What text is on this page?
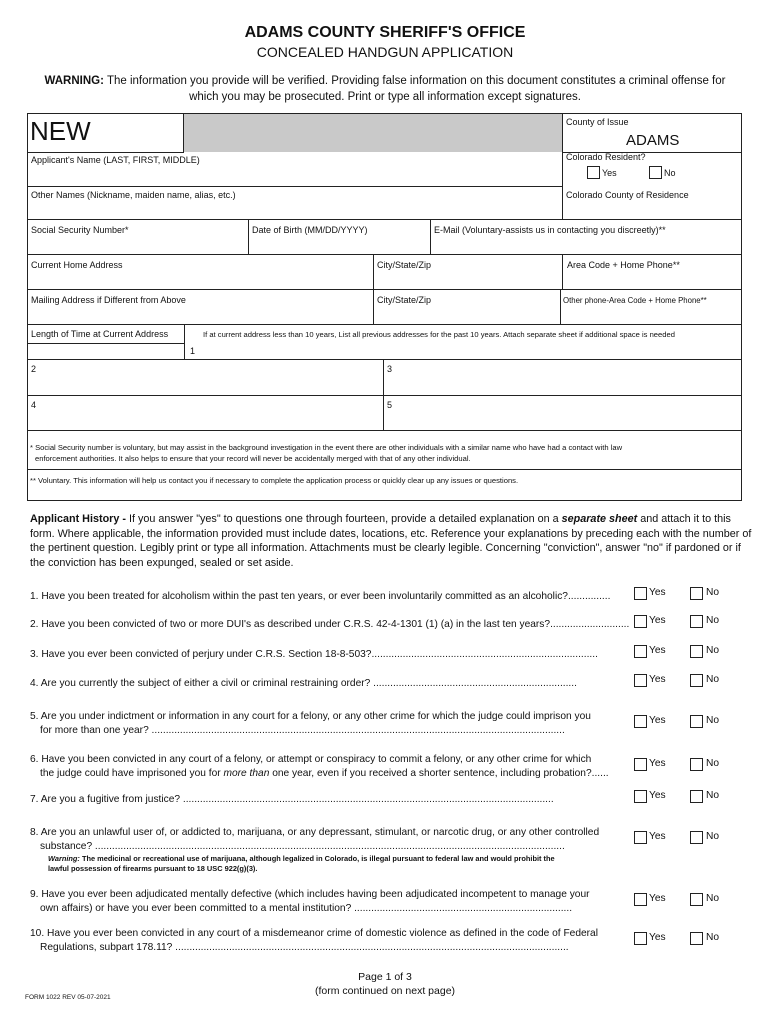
ADAMS COUNTY SHERIFF'S OFFICE
CONCEALED HANDGUN APPLICATION
WARNING: The information you provide will be verified. Providing false information on this document constitutes a criminal offense for
which you may be prosecuted. Print or type all information except signatures.
NEW	County of Issue
ADAMS
Applicant's Name (LAST, FIRST, MIDDLE)	Colorado Resident?
Yes	No
Other Names (Nickname, maiden name, alias, etc.)	Colorado County of Residence
Social Security Number*	Date of Birth (MM/DD/YYYY)	E-Mail (Voluntary-assists us in contacting you discreetly)**
Current Home Address	City/State/Zip	Area Code + Home Phone**
Mailing Address if Different from Above	City/State/Zip	Other phone-Area Code + Home Phone**
Length of Time at Current Address	If at current address less than 10 years, List all previous addresses for the past 10 years. Attach separate sheet if additional space is needed
1
2	3
4	5
* Social Security number is voluntary, but may assist in the background investigation in the event there are other individuals with a similar name who have had a contact with law
enforcement authorities. It also helps to ensure that your record will never be accidentally merged with that of any other individual.
** Voluntary. This information will help us contact you if necessary to complete the application process or quickly clear up any issues or questions.
Applicant History - If you answer "yes" to questions one through fourteen, provide a detailed explanation on a separate sheet and attach it to this
form. Where applicable, the information provided must include dates, locations, etc. Reference your explanations by preceding each with the number of
the pertinent question. Legibly print or type all information. Attachments must be clearly legible. Concerning "conviction", answer "no" if pardoned or if
the conviction has been expunged, sealed or set aside.
1. Have you been treated for alcoholism within the past ten years, or ever been involuntarily committed as an alcoholic?...............	Yes	No
2. Have you been convicted of two or more DUI's as described under C.R.S. 42-4-1301 (1) (a) in the last ten years?............................ Yes	No
3. Have you ever been convicted of perjury under C.R.S. Section 18-8-503?................................................................................	Yes	No
4. Are you currently the subject of either a civil or criminal restraining order? ........................................................................	Yes	No
5. Are you under indictment or information in any court for a felony, or any other crime for which the judge could imprison you
for more than one year? ..................................................................................................................................................
Yes	No
6. Have you been convicted in any court of a felony, or attempt or conspiracy to commit a felony, or any other crime for which
the judge could have imprisoned you for more than one year, even if you received a shorter sentence, including probation?......
Yes	No
7. Are you a fugitive from justice? ...................................................................................................................................	Yes	No
8. Are you an unlawful user of, or addicted to, marijuana, or any depressant, stimulant, or narcotic drug, or any other controlled
substance? ......................................................................................................................................................................
Warning: The medicinal or recreational use of marijuana, although legalized in Colorado, is illegal pursuant to federal law and would prohibit the
lawful possession of firearms pursuant to 18 USC 922(g)(3).
Yes	No
9. Have you ever been adjudicated mentally defective (which includes having been adjudicated incompetent to manage your
own affairs) or have you ever been committed to a mental institution? .............................................................................
Yes	No
10. Have you ever been convicted in any court of a misdemeanor crime of domestic violence as defined in the code of Federal
Regulations, subpart 178.11? ...........................................................................................................................................
Yes	No
Page 1 of 3
(form continued on next page)
FORM 1022 REV 05-07-2021
